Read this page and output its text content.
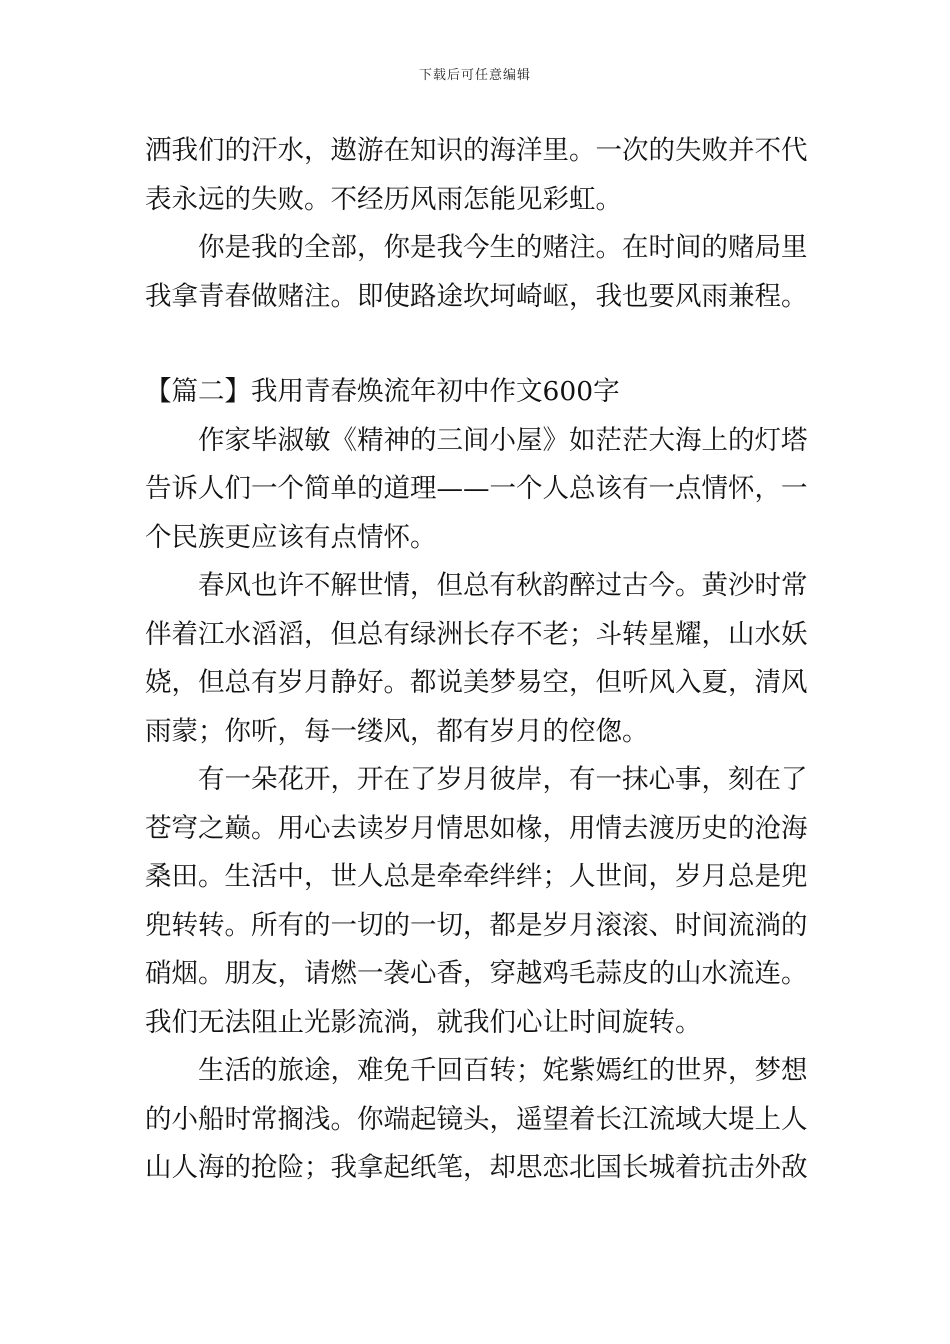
下载后可任意编辑
洒我们的汗水，遨游在知识的海洋里。一次的失败并不代
表永远的失败。不经历风雨怎能见彩虹。
你是我的全部，你是我今生的赌注。在时间的赌局里
我拿青春做赌注。即使路途坎坷崎岖，我也要风雨兼程。
【篇二】我用青春焕流年初中作文600字
作家毕淑敏《精神的三间小屋》如茫茫大海上的灯塔
告诉人们一个简单的道理——一个人总该有一点情怀，一
个民族更应该有点情怀。
春风也许不解世情，但总有秋韵醉过古今。黄沙时常
伴着江水滔滔，但总有绿洲长存不老；斗转星耀，山水妖
娆，但总有岁月静好。都说美梦易空，但听风入夏，清风
雨蒙；你听，每一缕风，都有岁月的倥偬。
有一朵花开，开在了岁月彼岸，有一抹心事，刻在了
苍穹之巅。用心去读岁月情思如椽，用情去渡历史的沧海
桑田。生活中，世人总是牵牵绊绊；人世间，岁月总是兜
兜转转。所有的一切的一切，都是岁月滚滚、时间流淌的
硝烟。朋友，请燃一袭心香，穿越鸡毛蒜皮的山水流连。
我们无法阻止光影流淌，就我们心让时间旋转。
生活的旅途，难免千回百转；姹紫嫣红的世界，梦想
的小船时常搁浅。你端起镜头，遥望着长江流域大堤上人
山人海的抢险；我拿起纸笔，却思恋北国长城着抗击外敌
